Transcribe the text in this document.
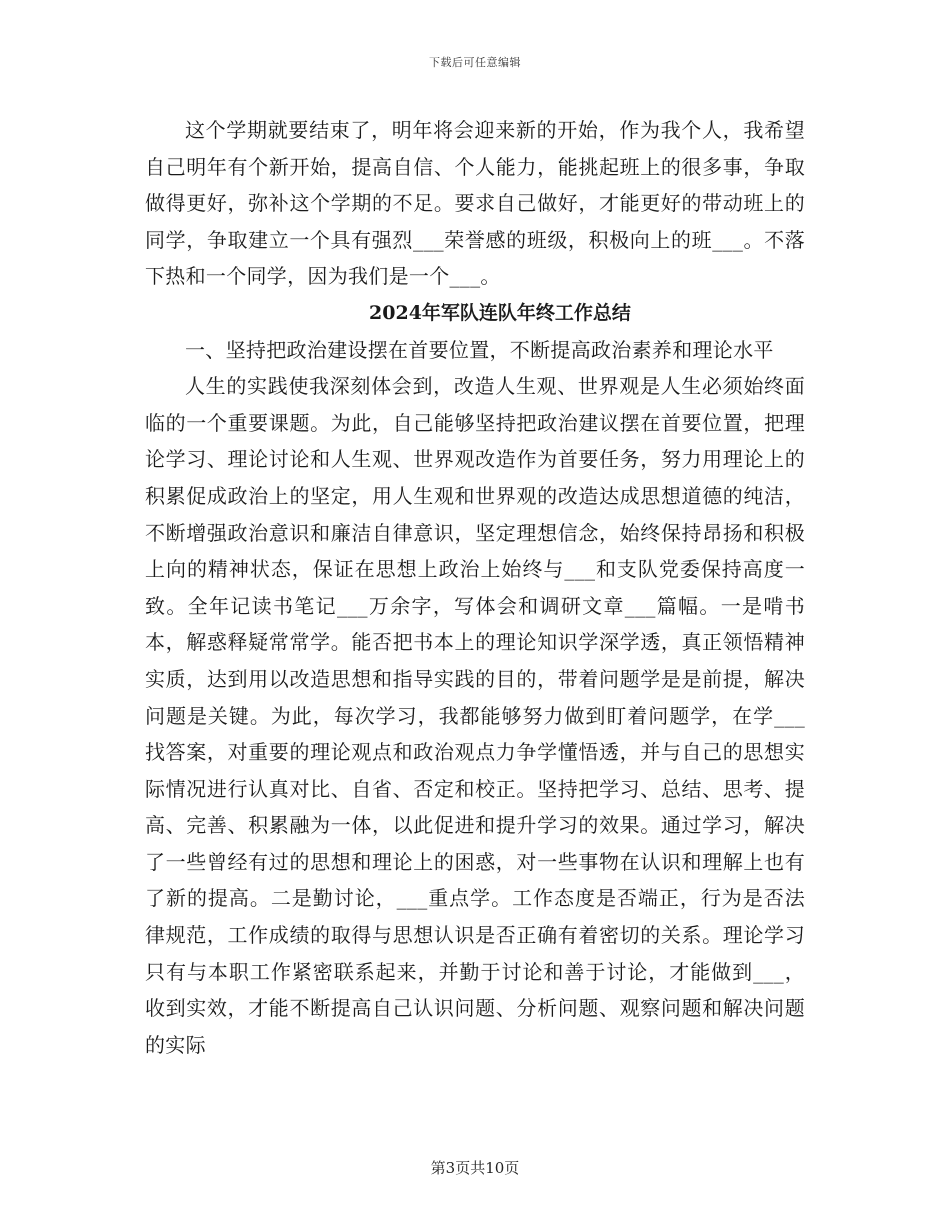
下载后可任意编辑

这个学期就要结束了，明年将会迎来新的开始，作为我个人，我希望自己明年有个新开始，提高自信、个人能力，能挑起班上的很多事，争取做得更好，弥补这个学期的不足。要求自己做好，才能更好的带动班上的同学，争取建立一个具有强烈___荣誉感的班级，积极向上的班___。不落下热和一个同学，因为我们是一个___。

2024年军队连队年终工作总结

一、坚持把政治建设摆在首要位置，不断提高政治素养和理论水平

人生的实践使我深刻体会到，改造人生观、世界观是人生必须始终面临的一个重要课题。为此，自己能够坚持把政治建议摆在首要位置，把理论学习、理论讨论和人生观、世界观改造作为首要任务，努力用理论上的积累促成政治上的坚定，用人生观和世界观的改造达成思想道德的纯洁，不断增强政治意识和廉洁自律意识，坚定理想信念，始终保持昂扬和积极上向的精神状态，保证在思想上政治上始终与___和支队党委保持高度一致。全年记读书笔记___万余字，写体会和调研文章___篇幅。一是啃书本，解惑释疑常常学。能否把书本上的理论知识学深学透，真正领悟精神实质，达到用以改造思想和指导实践的目的，带着问题学是是前提，解决问题是关键。为此，每次学习，我都能够努力做到盯着问题学，在学___找答案，对重要的理论观点和政治观点力争学懂悟透，并与自己的思想实际情况进行认真对比、自省、否定和校正。坚持把学习、总结、思考、提高、完善、积累融为一体，以此促进和提升学习的效果。通过学习，解决了一些曾经有过的思想和理论上的困惑，对一些事物在认识和理解上也有了新的提高。二是勤讨论，___重点学。工作态度是否端正，行为是否法律规范，工作成绩的取得与思想认识是否正确有着密切的关系。理论学习只有与本职工作紧密联系起来，并勤于讨论和善于讨论，才能做到___，收到实效，才能不断提高自己认识问题、分析问题、观察问题和解决问题的实际

第3页共10页
